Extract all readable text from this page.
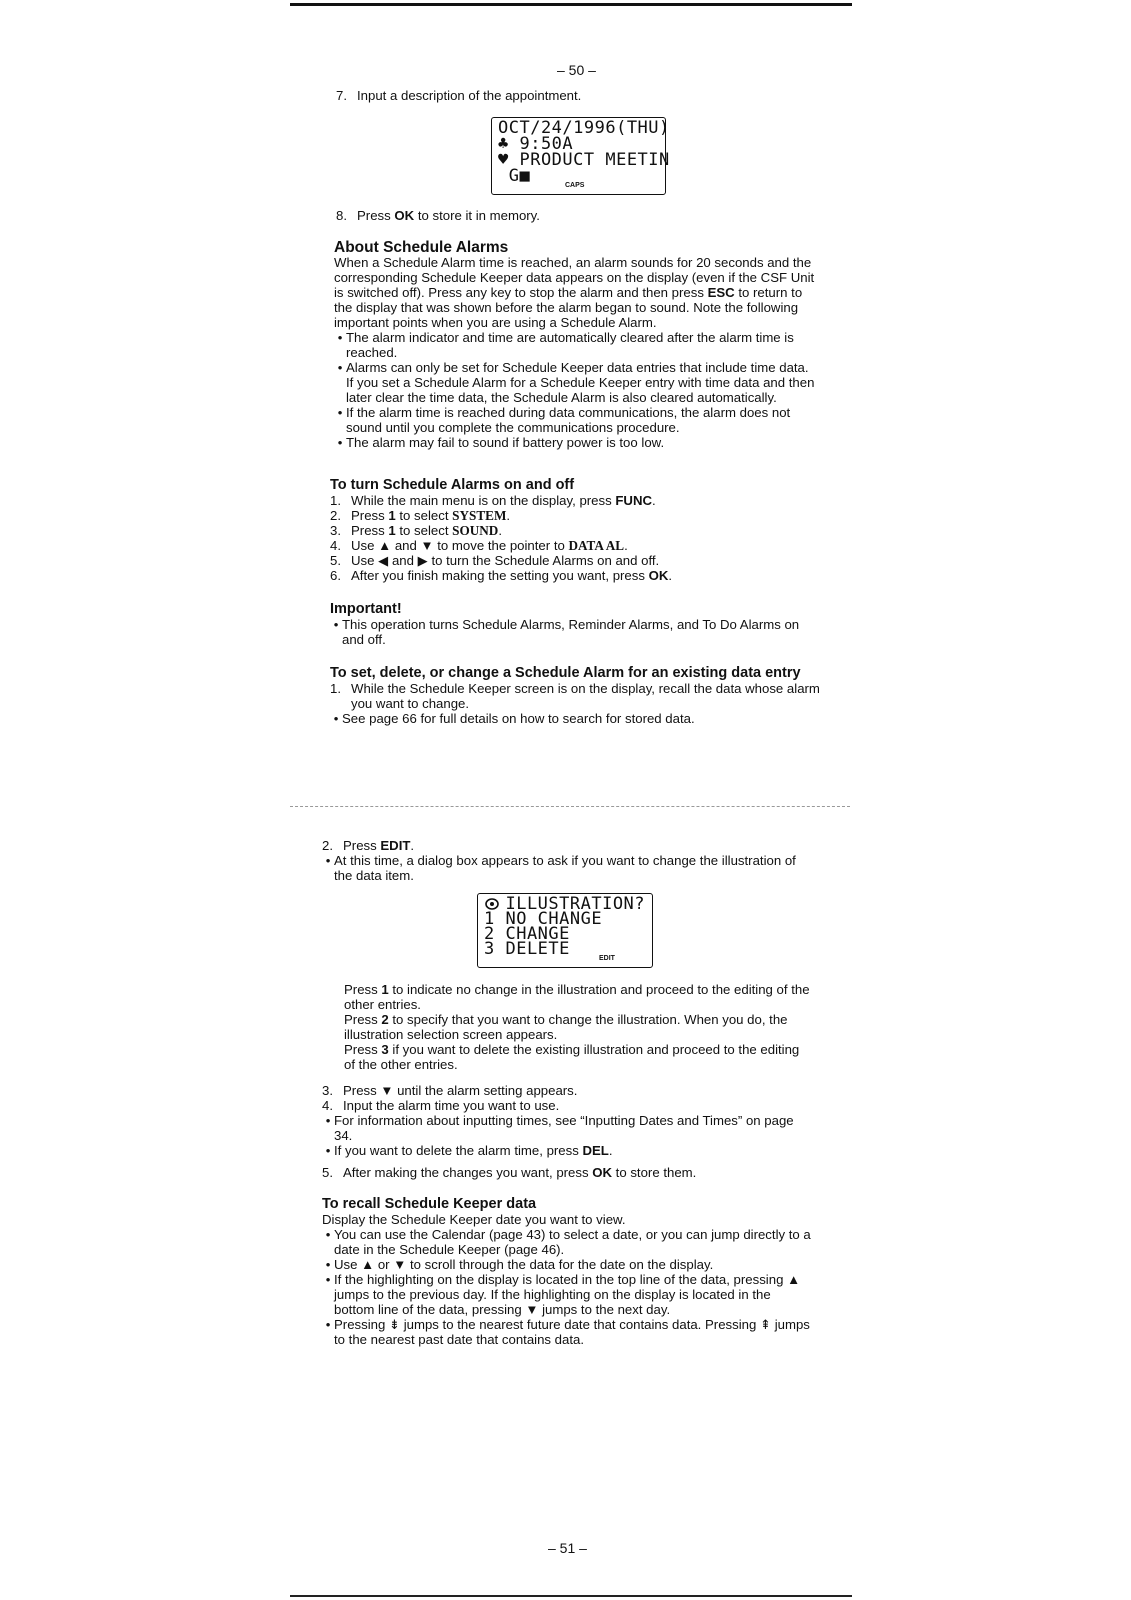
– 50 –
7. Input a description of the appointment.
OCT/24/1996(THU)
♣ 9:50A
♥ PRODUCT MEETIN
G■	CAPS
8. Press OK to store it in memory.

About Schedule Alarms

When a Schedule Alarm time is reached, an alarm sounds for 20 seconds and the corresponding Schedule Keeper data appears on the display (even if the CSF Unit is switched off). Press any key to stop the alarm and then press ESC to return to the display that was shown before the alarm began to sound. Note the following important points when you are using a Schedule Alarm.

• The alarm indicator and time are automatically cleared after the alarm time is reached.
• Alarms can only be set for Schedule Keeper data entries that include time data. If you set a Schedule Alarm for a Schedule Keeper entry with time data and then later clear the time data, the Schedule Alarm is also cleared automatically.
• If the alarm time is reached during data communications, the alarm does not sound until you complete the communications procedure.
• The alarm may fail to sound if battery power is too low.

To turn Schedule Alarms on and off

1. While the main menu is on the display, press FUNC.
2. Press 1 to select SYSTEM.
3. Press 1 to select SOUND.
4. Use ▲ and ▼ to move the pointer to DATA AL.
5. Use ◀ and ▶ to turn the Schedule Alarms on and off.
6. After you finish making the setting you want, press OK.

Important!

• This operation turns Schedule Alarms, Reminder Alarms, and To Do Alarms on and off.

To set, delete, or change a Schedule Alarm for an existing data entry

1. While the Schedule Keeper screen is on the display, recall the data whose alarm you want to change.
• See page 66 for full details on how to search for stored data.
2. Press EDIT.
• At this time, a dialog box appears to ask if you want to change the illustration of the data item.
ILLUSTRATION?
1 NO CHANGE
2 CHANGE
3 DELETE	EDIT

Press 1 to indicate no change in the illustration and proceed to the editing of the other entries.

Press 2 to specify that you want to change the illustration. When you do, the illustration selection screen appears.

Press 3 if you want to delete the existing illustration and proceed to the editing of the other entries.

3. Press ▼ until the alarm setting appears.
4. Input the alarm time you want to use.
• For information about inputting times, see “Inputting Dates and Times” on page 34.
• If you want to delete the alarm time, press DEL.
5. After making the changes you want, press OK to store them.

To recall Schedule Keeper data

Display the Schedule Keeper date you want to view.

• You can use the Calendar (page 43) to select a date, or you can jump directly to a date in the Schedule Keeper (page 46).
• Use ▲ or ▼ to scroll through the data for the date on the display.
• If the highlighting on the display is located in the top line of the data, pressing ▲ jumps to the previous day. If the highlighting on the display is located in the bottom line of the data, pressing ▼ jumps to the next day.
• Pressing ⇟ jumps to the nearest future date that contains data. Pressing ⇞ jumps to the nearest past date that contains data.
– 51 –
